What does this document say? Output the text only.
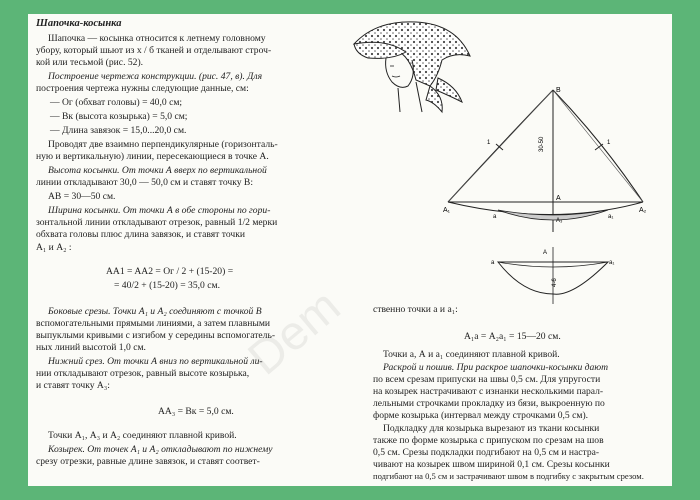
Шапочка-косынка
Шапочка — косынка относится к летнему головному
убору, который шьют из х / б тканей и отделывают строч-
кой или тесьмой (рис. 52).
Построение чертежа конструкции. (рис. 47, в). Для
построения чертежа нужны следующие данные, см:
— Ог (обхват головы) = 40,0 см;
— Вк (высота козырька) = 5,0 см;
— Длина завязок = 15,0...20,0 см.
Проводят две взаимно перпендикулярные (горизонталь-
ную и вертикальную) линии, пересекающиеся в точке А.
Высота косынки. От точки А вверх по вертикальной
линии откладывают 30,0 — 50,0 см и ставят точку В:
AB = 30—50 см.
Ширина косынки. От точки А в обе стороны по гори-
зонтальной линии откладывают отрезок, равный 1/2 мерки
обхвата головы плюс длина завязок, и ставят точки
А₁ и А₂ :
AA1 = AA2 = Ог / 2 + (15-20) =
= 40/2 + (15-20) = 35,0 см.
Боковые срезы. Точки А₁ и А₂ соединяют с точкой В
вспомогательными прямыми линиями, а затем плавными
выпуклыми кривыми с изгибом у середины вспомогатель-
ных линий высотой 1,0 см.
Нижний срез. От точки А вниз по вертикальной ли-
нии откладывают отрезок, равный высоте козырька,
и ставят точку А₃:
АА₃ = Вк = 5,0 см.
Точки А₁, А₃ и А₂ соединяют плавной кривой.
Козырек. От точек А₁ и А₂ откладывают по нижнему
срезу отрезки, равные длине завязок, и ставят соответ-
ственно точки а и а₁:
А₁а = А₂а₁ = 15—20 см.
Точки а, А и а₁ соединяют плавной кривой.
Раскрой и пошив. При раскрое шапочки-косынки дают
по всем срезам припуски на швы 0,5 см. Для упругости
на козырек настрачивают с изнанки несколькими парал-
лельными строчками прокладку из бязи, выкроенную по
форме козырька (интервал между строчками 0,5 см).
Подкладку для козырька вырезают из ткани косынки
также по форме козырька с припуском по срезам на шов
0,5 см. Срезы подкладки подгибают на 0,5 см и настра-
чивают на козырек швом шириной 0,1 см. Срезы косынки
подгибают на 0,5 см и застрачивают швом в подгибку с закрытым срезом.
В
А
А₁	А₂
А₃
а	а₁
30-50
1	1
А
а	а₁
4-6
Dem
